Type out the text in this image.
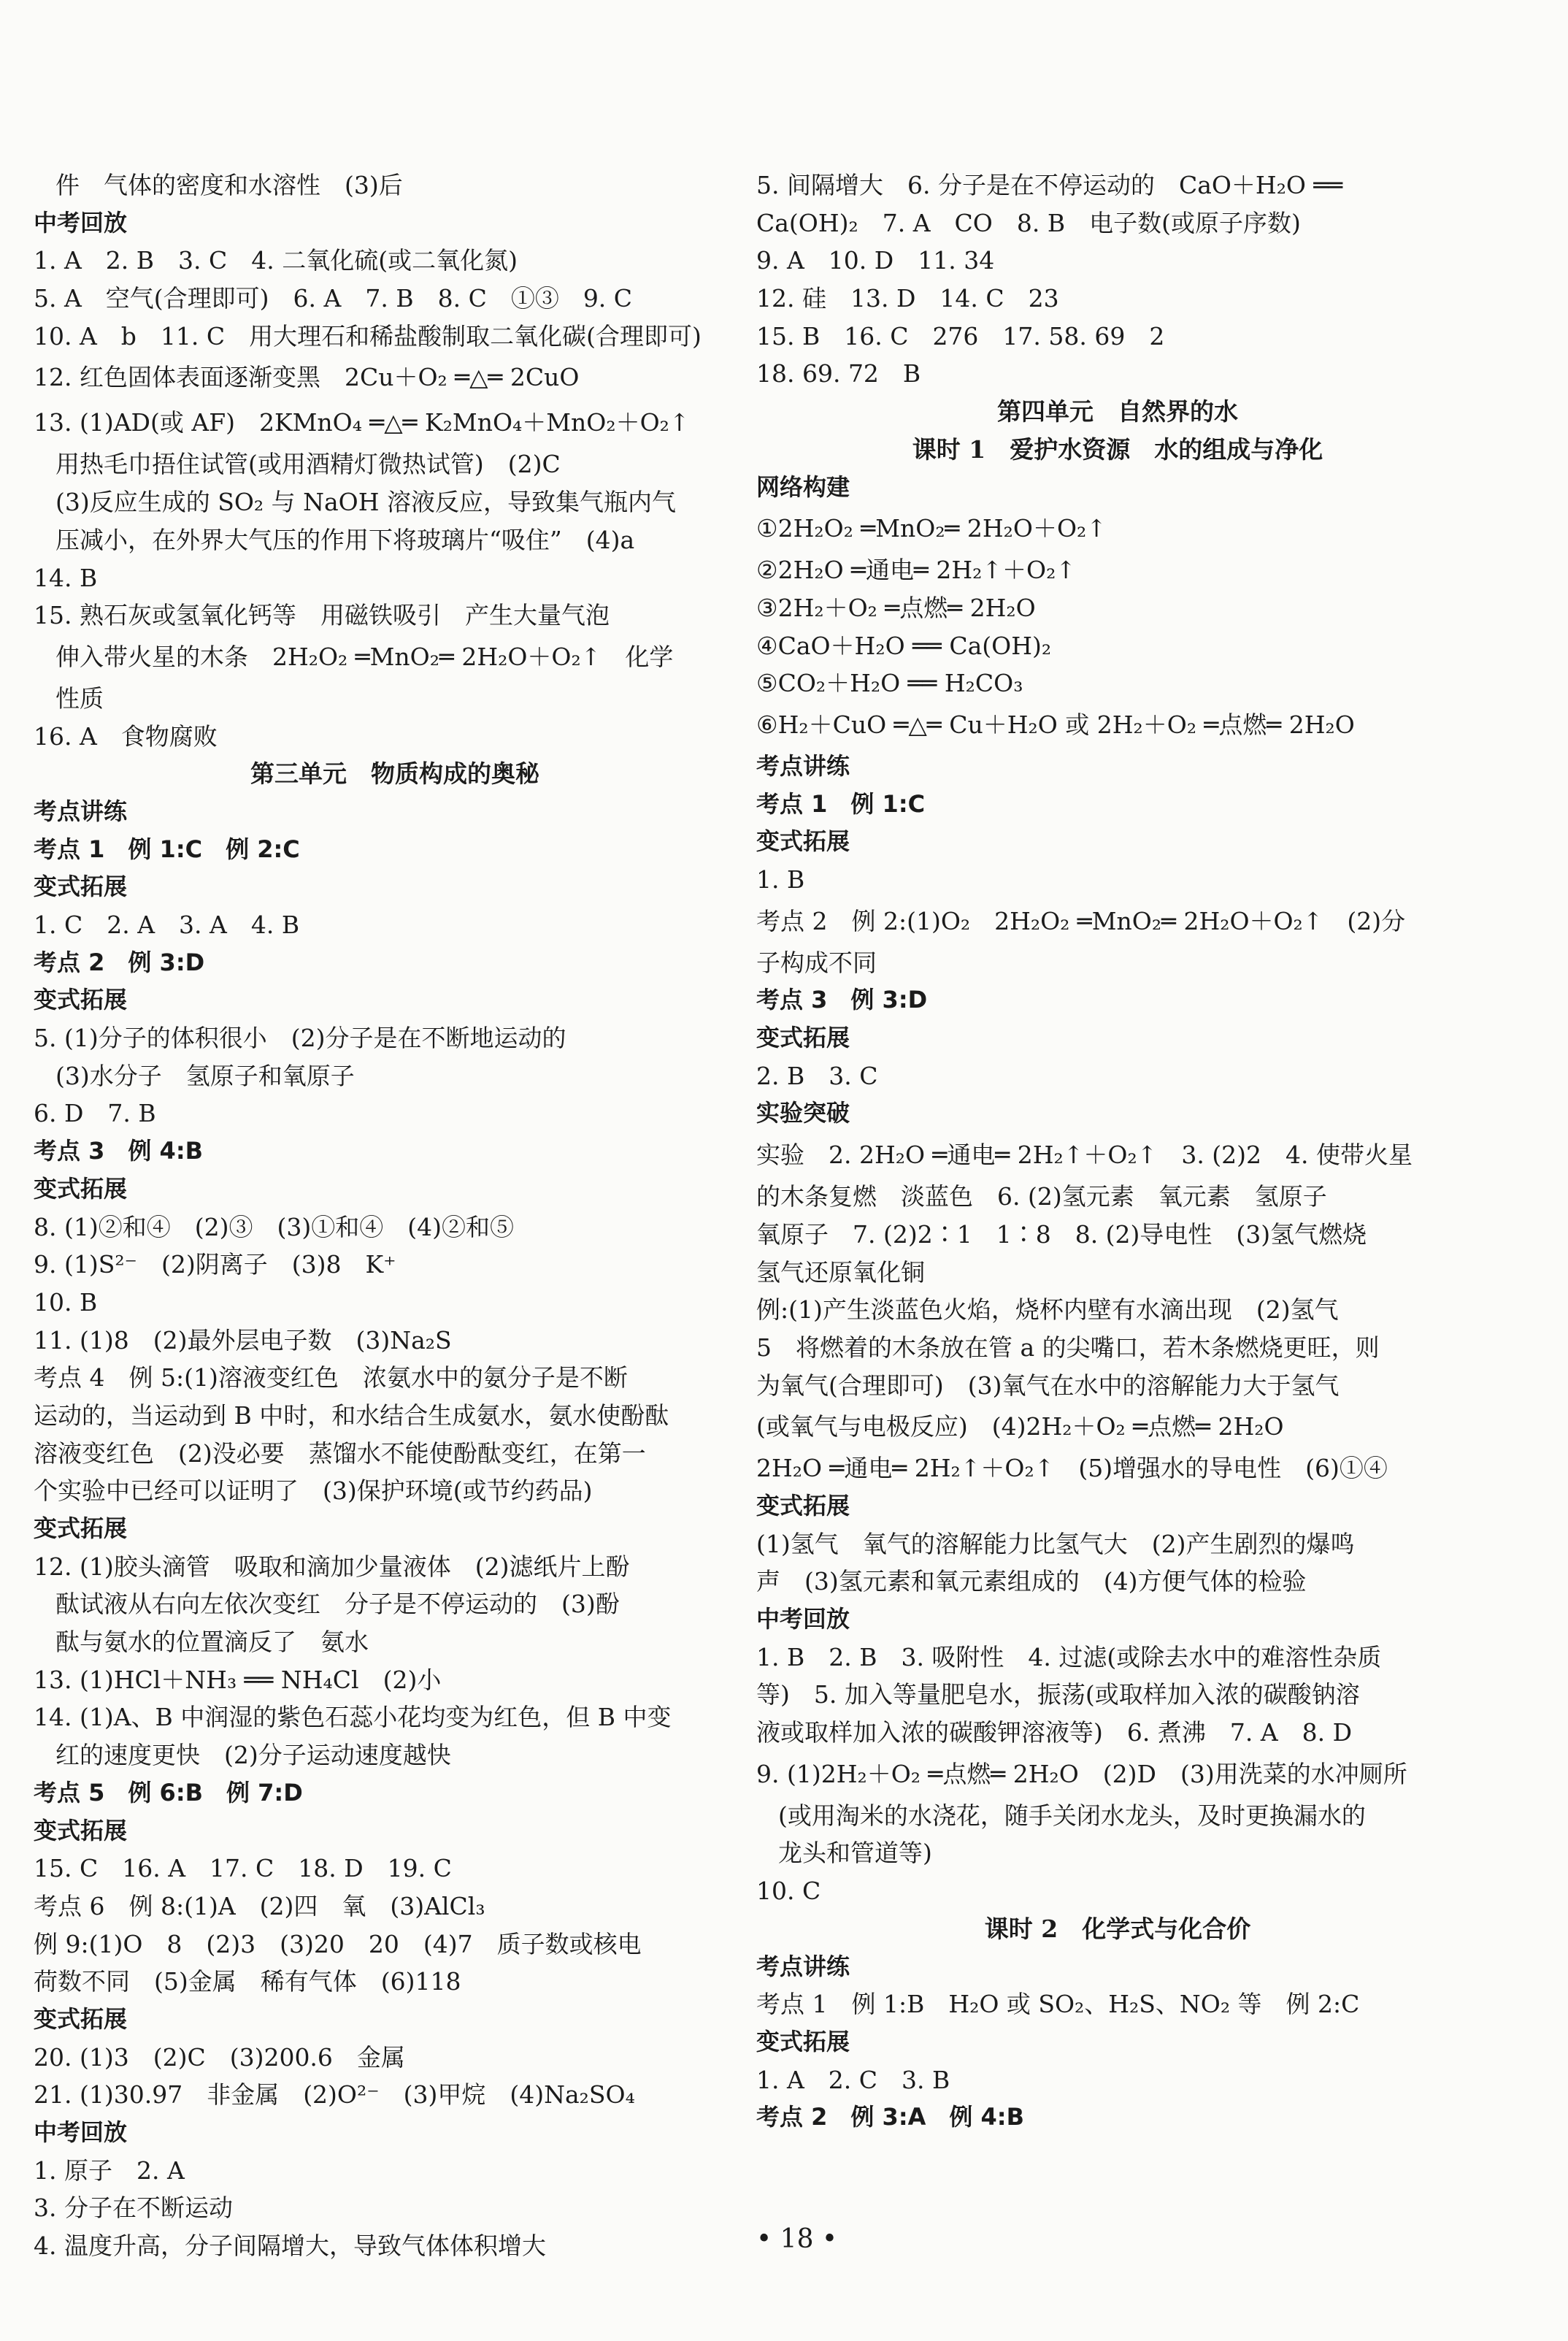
件　气体的密度和水溶性　(3)后
中考回放
1. A　2. B　3. C　4. 二氧化硫(或二氧化氮)
5. A　空气(合理即可)　6. A　7. B　8. C　①③　9. C
10. A　b　11. C　用大理石和稀盐酸制取二氧化碳(合理即可)
12. 红色固体表面逐渐变黑　2Cu＋O₂ ═△═ 2CuO
13. (1)AD(或 AF)　2KMnO₄ ═△═ K₂MnO₄＋MnO₂＋O₂↑
用热毛巾捂住试管(或用酒精灯微热试管)　(2)C
(3)反应生成的 SO₂ 与 NaOH 溶液反应，导致集气瓶内气
压减小，在外界大气压的作用下将玻璃片“吸住”　(4)a
14. B
15. 熟石灰或氢氧化钙等　用磁铁吸引　产生大量气泡
伸入带火星的木条　2H₂O₂ ═MnO₂═ 2H₂O＋O₂↑　化学
性质
16. A　食物腐败
第三单元　物质构成的奥秘
考点讲练
考点 1　例 1:C　例 2:C
变式拓展
1. C　2. A　3. A　4. B
考点 2　例 3:D
变式拓展
5. (1)分子的体积很小　(2)分子是在不断地运动的
(3)水分子　氢原子和氧原子
6. D　7. B
考点 3　例 4:B
变式拓展
8. (1)②和④　(2)③　(3)①和④　(4)②和⑤
9. (1)S²⁻　(2)阴离子　(3)8　K⁺
10. B
11. (1)8　(2)最外层电子数　(3)Na₂S
考点 4　例 5:(1)溶液变红色　浓氨水中的氨分子是不断
运动的，当运动到 B 中时，和水结合生成氨水，氨水使酚酞
溶液变红色　(2)没必要　蒸馏水不能使酚酞变红，在第一
个实验中已经可以证明了　(3)保护环境(或节约药品)
变式拓展
12. (1)胶头滴管　吸取和滴加少量液体　(2)滤纸片上酚
酞试液从右向左依次变红　分子是不停运动的　(3)酚
酞与氨水的位置滴反了　氨水
13. (1)HCl＋NH₃ ══ NH₄Cl　(2)小
14. (1)A、B 中润湿的紫色石蕊小花均变为红色，但 B 中变
红的速度更快　(2)分子运动速度越快
考点 5　例 6:B　例 7:D
变式拓展
15. C　16. A　17. C　18. D　19. C
考点 6　例 8:(1)A　(2)四　氧　(3)AlCl₃
例 9:(1)O　8　(2)3　(3)20　20　(4)7　质子数或核电
荷数不同　(5)金属　稀有气体　(6)118
变式拓展
20. (1)3　(2)C　(3)200.6　金属
21. (1)30.97　非金属　(2)O²⁻　(3)甲烷　(4)Na₂SO₄
中考回放
1. 原子　2. A
3. 分子在不断运动
4. 温度升高，分子间隔增大，导致气体体积增大
5. 间隔增大　6. 分子是在不停运动的　CaO＋H₂O ══
Ca(OH)₂　7. A　CO　8. B　电子数(或原子序数)
9. A　10. D　11. 34
12. 硅　13. D　14. C　23
15. B　16. C　276　17. 58. 69　2
18. 69. 72　B
第四单元　自然界的水
课时 1　爱护水资源　水的组成与净化
网络构建
①2H₂O₂ ═MnO₂═ 2H₂O＋O₂↑
②2H₂O ═通电═ 2H₂↑＋O₂↑
③2H₂＋O₂ ═点燃═ 2H₂O
④CaO＋H₂O ══ Ca(OH)₂
⑤CO₂＋H₂O ══ H₂CO₃
⑥H₂＋CuO ═△═ Cu＋H₂O 或 2H₂＋O₂ ═点燃═ 2H₂O
考点讲练
考点 1　例 1:C
变式拓展
1. B
考点 2　例 2:(1)O₂　2H₂O₂ ═MnO₂═ 2H₂O＋O₂↑　(2)分
子构成不同
考点 3　例 3:D
变式拓展
2. B　3. C
实验突破
实验　2. 2H₂O ═通电═ 2H₂↑＋O₂↑　3. (2)2　4. 使带火星
的木条复燃　淡蓝色　6. (2)氢元素　氧元素　氢原子
氧原子　7. (2)2∶1　1∶8　8. (2)导电性　(3)氢气燃烧
氢气还原氧化铜
例:(1)产生淡蓝色火焰，烧杯内壁有水滴出现　(2)氢气
5　将燃着的木条放在管 a 的尖嘴口，若木条燃烧更旺，则
为氧气(合理即可)　(3)氧气在水中的溶解能力大于氢气
(或氧气与电极反应)　(4)2H₂＋O₂ ═点燃═ 2H₂O
2H₂O ═通电═ 2H₂↑＋O₂↑　(5)增强水的导电性　(6)①④
变式拓展
(1)氢气　氧气的溶解能力比氢气大　(2)产生剧烈的爆鸣
声　(3)氢元素和氧元素组成的　(4)方便气体的检验
中考回放
1. B　2. B　3. 吸附性　4. 过滤(或除去水中的难溶性杂质
等)　5. 加入等量肥皂水，振荡(或取样加入浓的碳酸钠溶
液或取样加入浓的碳酸钾溶液等)　6. 煮沸　7. A　8. D
9. (1)2H₂＋O₂ ═点燃═ 2H₂O　(2)D　(3)用洗菜的水冲厕所
(或用淘米的水浇花，随手关闭水龙头，及时更换漏水的
龙头和管道等)
10. C
课时 2　化学式与化合价
考点讲练
考点 1　例 1:B　H₂O 或 SO₂、H₂S、NO₂ 等　例 2:C
变式拓展
1. A　2. C　3. B
考点 2　例 3:A　例 4:B
• 18 •
